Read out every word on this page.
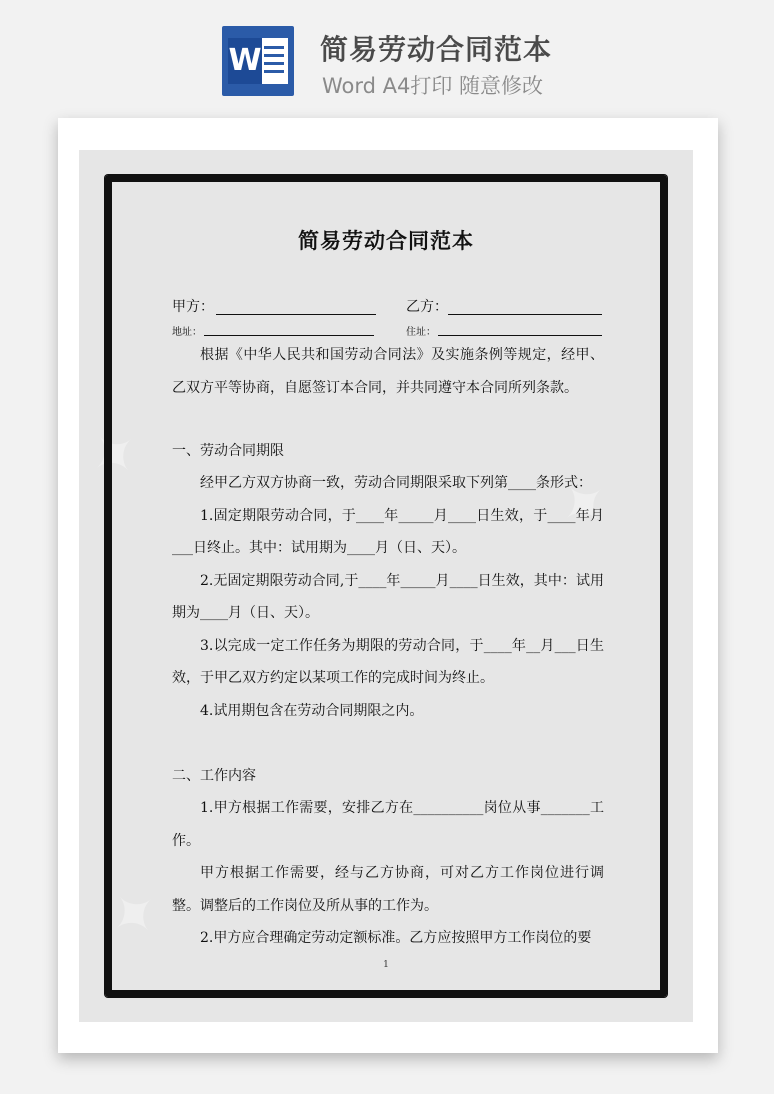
W 简易劳动合同范本
Word A4打印 随意修改
✦
✦
✦
简易劳动合同范本
甲方：	乙方：
地址：	住址：

根据《中华人民共和国劳动合同法》及实施条例等规定，经甲、乙双方平等协商，自愿签订本合同，并共同遵守本合同所列条款。

一、劳动合同期限

经甲乙方双方协商一致，劳动合同期限采取下列第____条形式：

1.固定期限劳动合同，于____年_____月____日生效，于____年月___日终止。其中：试用期为____月（日、天）。

2.无固定期限劳动合同,于____年_____月____日生效，其中：试用期为____月（日、天）。

3.以完成一定工作任务为期限的劳动合同，于____年__月___日生效，于甲乙双方约定以某项工作的完成时间为终止。

4.试用期包含在劳动合同期限之内。

二、工作内容

1.甲方根据工作需要，安排乙方在__________岗位从事_______工作。

甲方根据工作需要，经与乙方协商，可对乙方工作岗位进行调整。调整后的工作岗位及所从事的工作为。

2.甲方应合理确定劳动定额标准。乙方应按照甲方工作岗位的要

1
